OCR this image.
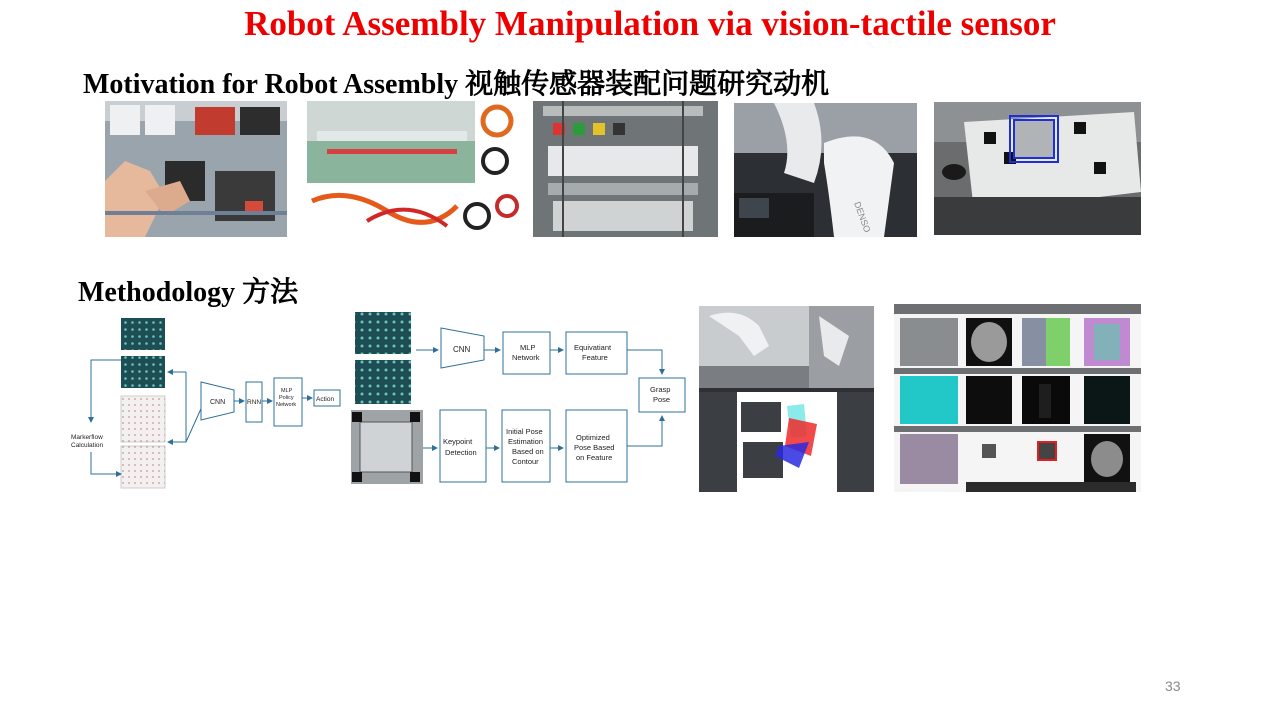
Robot Assembly Manipulation via vision-tactile sensor
Motivation for Robot Assembly 视触传感器装配问题研究动机
Methodology 方法
DENSO
Markerflow
Calculation
CNN	RNN
MLP
Policy
Network
Action
CNN	MLP
Network
Equivatiant
Feature
Grasp
Pose
Keypoint
Detection
Initial Pose
Estimation
Based on
Contour
Optimized
Pose Based
on Feature
33
